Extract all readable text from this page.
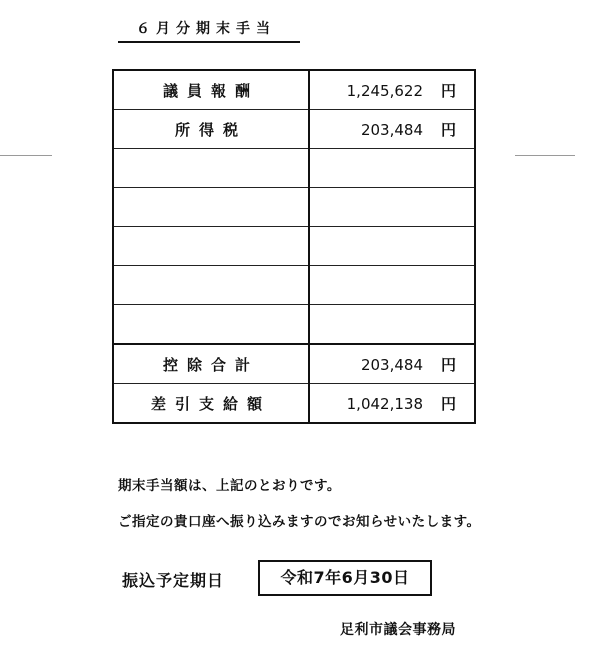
６月分期末手当
議員報酬	1,245,622 円
所得税	203,484 円

控除合計	203,484 円
差引支給額	1,042,138 円
期末手当額は、上記のとおりです。
ご指定の貴口座へ振り込みますのでお知らせいたします。
振込予定期日	令和7年6月30日
足利市議会事務局
